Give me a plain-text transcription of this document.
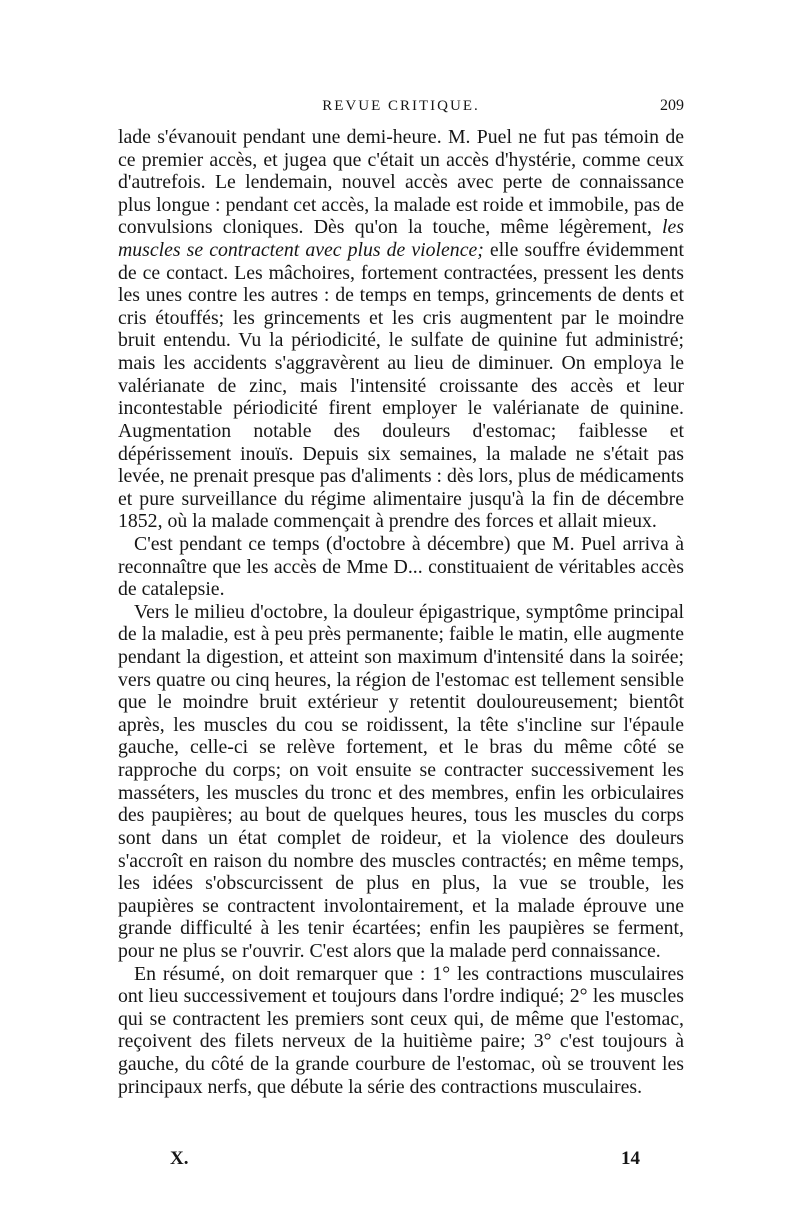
REVUE CRITIQUE.	209

lade s'évanouit pendant une demi-heure. M. Puel ne fut pas témoin de ce premier accès, et jugea que c'était un accès d'hystérie, comme ceux d'autrefois. Le lendemain, nouvel accès avec perte de connaissance plus longue : pendant cet accès, la malade est roide et immobile, pas de convulsions cloniques. Dès qu'on la touche, même légèrement, les muscles se contractent avec plus de violence; elle souffre évidemment de ce contact. Les mâchoires, fortement contractées, pressent les dents les unes contre les autres : de temps en temps, grincements de dents et cris étouffés; les grincements et les cris augmentent par le moindre bruit entendu. Vu la périodicité, le sulfate de quinine fut administré; mais les accidents s'aggravèrent au lieu de diminuer. On employa le valérianate de zinc, mais l'intensité croissante des accès et leur incontestable périodicité firent employer le valérianate de quinine. Augmentation notable des douleurs d'estomac; faiblesse et dépérissement inouïs. Depuis six semaines, la malade ne s'était pas levée, ne prenait presque pas d'aliments : dès lors, plus de médicaments et pure surveillance du régime alimentaire jusqu'à la fin de décembre 1852, où la malade commençait à prendre des forces et allait mieux.

C'est pendant ce temps (d'octobre à décembre) que M. Puel arriva à reconnaître que les accès de Mme D... constituaient de véritables accès de catalepsie.

Vers le milieu d'octobre, la douleur épigastrique, symptôme principal de la maladie, est à peu près permanente; faible le matin, elle augmente pendant la digestion, et atteint son maximum d'intensité dans la soirée; vers quatre ou cinq heures, la région de l'estomac est tellement sensible que le moindre bruit extérieur y retentit douloureusement; bientôt après, les muscles du cou se roidissent, la tête s'incline sur l'épaule gauche, celle-ci se relève fortement, et le bras du même côté se rapproche du corps; on voit ensuite se contracter successivement les masséters, les muscles du tronc et des membres, enfin les orbiculaires des paupières; au bout de quelques heures, tous les muscles du corps sont dans un état complet de roideur, et la violence des douleurs s'accroît en raison du nombre des muscles contractés; en même temps, les idées s'obscurcissent de plus en plus, la vue se trouble, les paupières se contractent involontairement, et la malade éprouve une grande difficulté à les tenir écartées; enfin les paupières se ferment, pour ne plus se r'ouvrir. C'est alors que la malade perd connaissance.

En résumé, on doit remarquer que : 1° les contractions musculaires ont lieu successivement et toujours dans l'ordre indiqué; 2° les muscles qui se contractent les premiers sont ceux qui, de même que l'estomac, reçoivent des filets nerveux de la huitième paire; 3° c'est toujours à gauche, du côté de la grande courbure de l'estomac, où se trouvent les principaux nerfs, que débute la série des contractions musculaires.

X.	14
